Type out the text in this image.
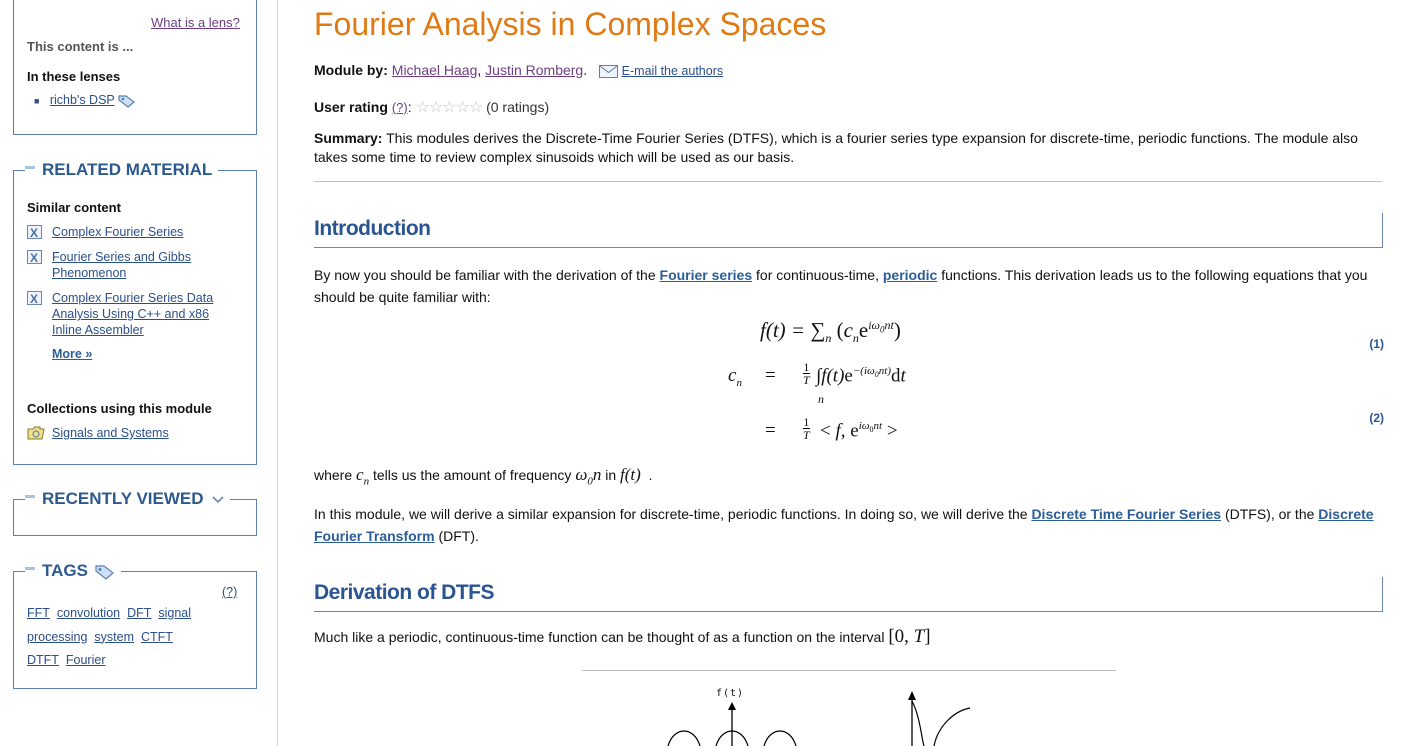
What is a lens?
This content is ...
In these lenses
■ richb's DSP
RELATED MATERIAL
Similar content
X
Complex Fourier Series
X
Fourier Series and Gibbs Phenomenon
X
Complex Fourier Series Data Analysis Using C++ and x86 Inline Assembler
More »
Collections using this module
Signals and Systems
RECENTLY VIEWED
TAGS
(?)
FFT convolution DFT signal processing system CTFT
DTFT Fourier
Fourier Analysis in Complex Spaces
Module by: Michael Haag, Justin Romberg.    E-mail the authors
User rating (?): ☆☆☆☆☆ (0 ratings)
Summary: This modules derives the Discrete-Time Fourier Series (DTFS), which is a fourier series type expansion for discrete-time, periodic functions. The module also takes some time to review complex sinusoids which will be used as our basis.
Introduction
By now you should be familiar with the derivation of the Fourier series for continuous-time, periodic functions. This derivation leads us to the following equations that you should be quite familiar with:
$f(t) = \sum_n$ $(c_ne^{i\omega_0nt})$
(1)
$c_n = 1$
T $\int f(t)e^{-(i\omega_0nt)}dt$
n
= 1
T < f, $e^{i\omega_0nt}$ >
(2)
where $c_n$ tells us the amount of frequency $\omega_0n$ in f(t)  .
In this module, we will derive a similar expansion for discrete-time, periodic functions. In doing so, we will derive the Discrete Time Fourier Series (DTFS), or the Discrete Fourier Transform (DFT).
Derivation of DTFS
Much like a periodic, continuous-time function can be thought of as a function on the interval [0, T]
f(t)
